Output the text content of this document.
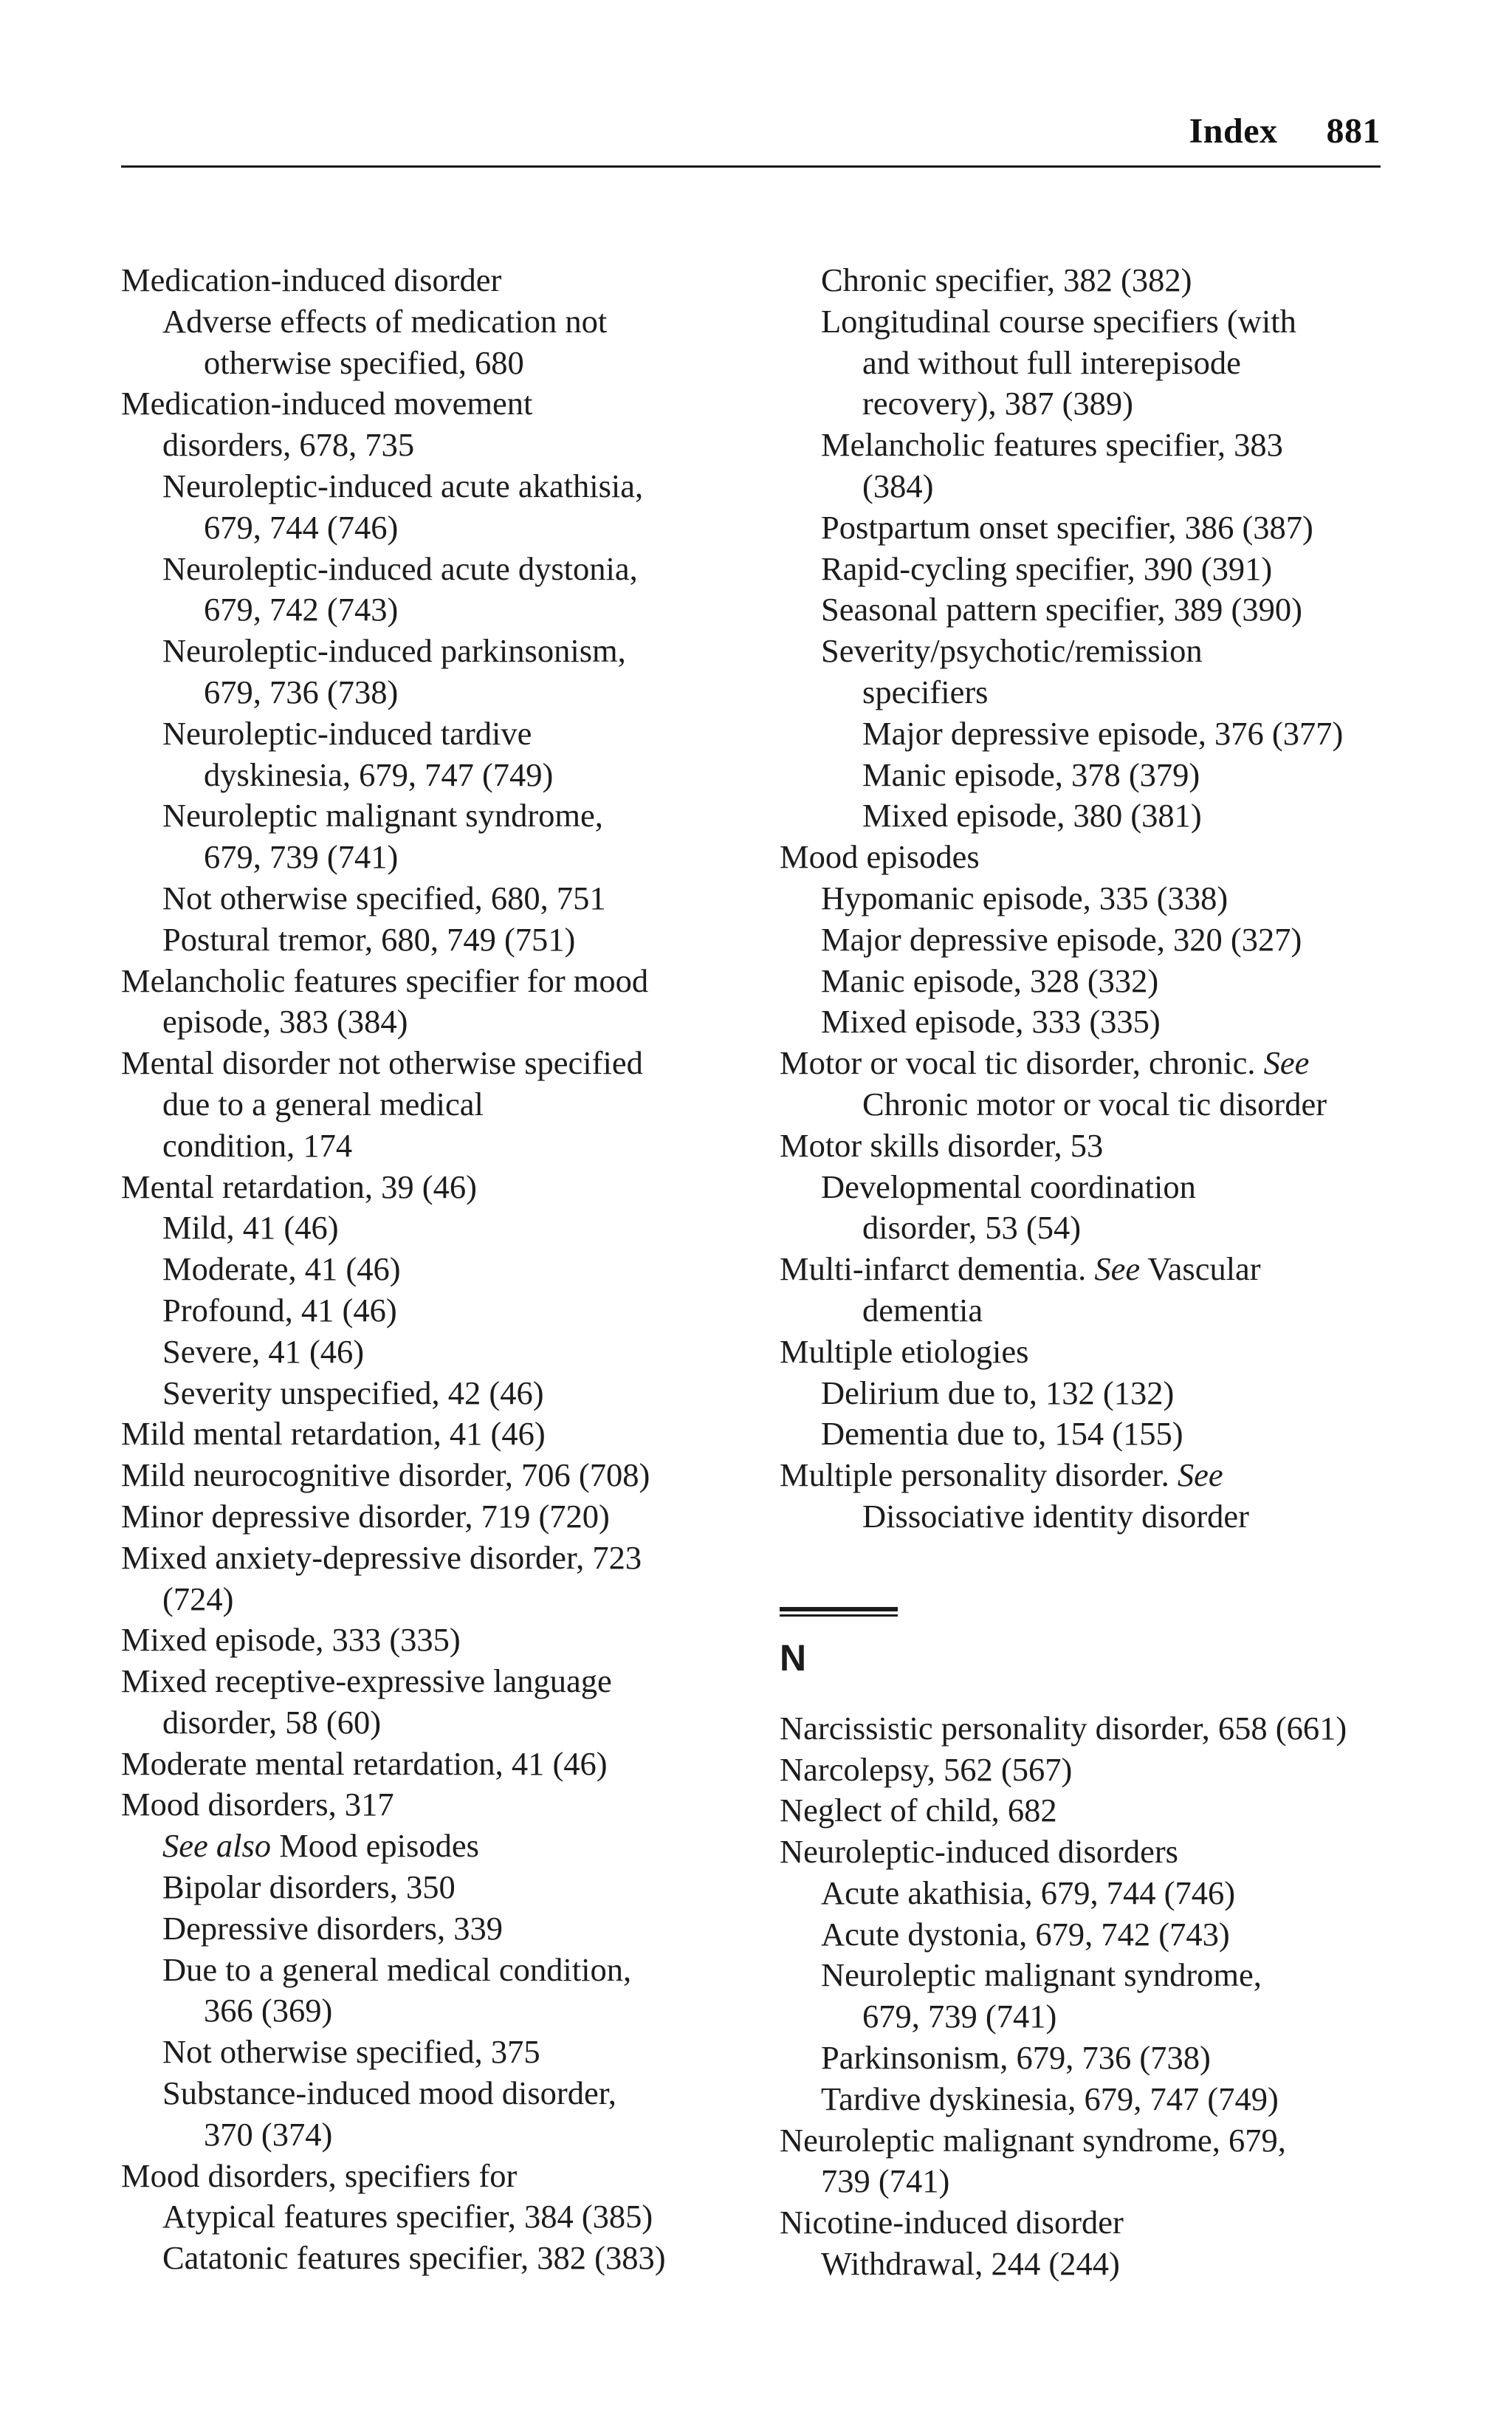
Index 881
Medication-induced disorder
Adverse effects of medication not
otherwise specified, 680
Medication-induced movement
disorders, 678, 735
Neuroleptic-induced acute akathisia,
679, 744 (746)
Neuroleptic-induced acute dystonia,
679, 742 (743)
Neuroleptic-induced parkinsonism,
679, 736 (738)
Neuroleptic-induced tardive
dyskinesia, 679, 747 (749)
Neuroleptic malignant syndrome,
679, 739 (741)
Not otherwise specified, 680, 751
Postural tremor, 680, 749 (751)
Melancholic features specifier for mood
episode, 383 (384)
Mental disorder not otherwise specified
due to a general medical
condition, 174
Mental retardation, 39 (46)
Mild, 41 (46)
Moderate, 41 (46)
Profound, 41 (46)
Severe, 41 (46)
Severity unspecified, 42 (46)
Mild mental retardation, 41 (46)
Mild neurocognitive disorder, 706 (708)
Minor depressive disorder, 719 (720)
Mixed anxiety-depressive disorder, 723
(724)
Mixed episode, 333 (335)
Mixed receptive-expressive language
disorder, 58 (60)
Moderate mental retardation, 41 (46)
Mood disorders, 317
See also Mood episodes
Bipolar disorders, 350
Depressive disorders, 339
Due to a general medical condition,
366 (369)
Not otherwise specified, 375
Substance-induced mood disorder,
370 (374)
Mood disorders, specifiers for
Atypical features specifier, 384 (385)
Catatonic features specifier, 382 (383)
Chronic specifier, 382 (382)
Longitudinal course specifiers (with
and without full interepisode
recovery), 387 (389)
Melancholic features specifier, 383
(384)
Postpartum onset specifier, 386 (387)
Rapid-cycling specifier, 390 (391)
Seasonal pattern specifier, 389 (390)
Severity/psychotic/remission
specifiers
Major depressive episode, 376 (377)
Manic episode, 378 (379)
Mixed episode, 380 (381)
Mood episodes
Hypomanic episode, 335 (338)
Major depressive episode, 320 (327)
Manic episode, 328 (332)
Mixed episode, 333 (335)
Motor or vocal tic disorder, chronic. See
Chronic motor or vocal tic disorder
Motor skills disorder, 53
Developmental coordination
disorder, 53 (54)
Multi-infarct dementia. See Vascular
dementia
Multiple etiologies
Delirium due to, 132 (132)
Dementia due to, 154 (155)
Multiple personality disorder. See
Dissociative identity disorder
N
Narcissistic personality disorder, 658 (661)
Narcolepsy, 562 (567)
Neglect of child, 682
Neuroleptic-induced disorders
Acute akathisia, 679, 744 (746)
Acute dystonia, 679, 742 (743)
Neuroleptic malignant syndrome,
679, 739 (741)
Parkinsonism, 679, 736 (738)
Tardive dyskinesia, 679, 747 (749)
Neuroleptic malignant syndrome, 679,
739 (741)
Nicotine-induced disorder
Withdrawal, 244 (244)
